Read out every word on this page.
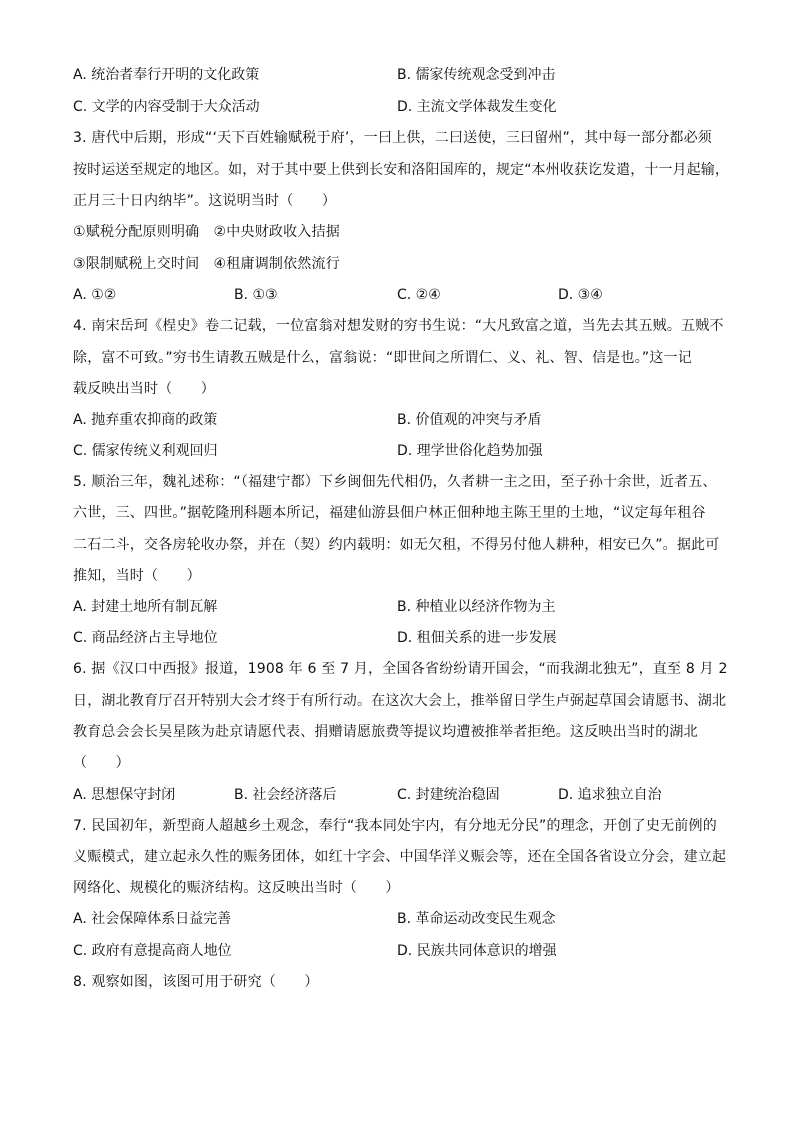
A. 统治者奉行开明的文化政策	B. 儒家传统观念受到冲击
C. 文学的内容受制于大众活动	D. 主流文学体裁发生变化
3. 唐代中后期，形成“‘天下百姓输赋税于府’，一曰上供，二曰送使，三曰留州”，其中每一部分都必须
按时运送至规定的地区。如，对于其中要上供到长安和洛阳国库的，规定“本州收获讫发遣，十一月起输，
正月三十日内纳毕”。这说明当时（　　）
①赋税分配原则明确　②中央财政收入拮据
③限制赋税上交时间　④租庸调制依然流行
A. ①②	B. ①③	C. ②④	D. ③④
4. 南宋岳珂《桯史》卷二记载，一位富翁对想发财的穷书生说：“大凡致富之道，当先去其五贼。五贼不
除，富不可致。”穷书生请教五贼是什么，富翁说：“即世间之所谓仁、义、礼、智、信是也。”这一记
载反映出当时（　　）
A. 抛弃重农抑商的政策	B. 价值观的冲突与矛盾
C. 儒家传统义利观回归	D. 理学世俗化趋势加强
5. 顺治三年，魏礼述称：“（福建宁都）下乡闽佃先代相仍，久者耕一主之田，至子孙十余世，近者五、
六世，三、四世。”据乾隆刑科题本所记，福建仙游县佃户林正佃种地主陈王里的土地，“议定每年租谷
二石二斗，交各房轮收办祭，并在（契）约内载明：如无欠租，不得另付他人耕种，相安已久”。据此可
推知，当时（　　）
A. 封建土地所有制瓦解	B. 种植业以经济作物为主
C. 商品经济占主导地位	D. 租佃关系的进一步发展
6. 据《汉口中西报》报道，1908 年 6 至 7 月，全国各省纷纷请开国会，“而我湖北独无”，直至 8 月 2
日，湖北教育厅召开特别大会才终于有所行动。在这次大会上，推举留日学生卢弼起草国会请愿书、湖北
教育总会会长吴星陔为赴京请愿代表、捐赠请愿旅费等提议均遭被推举者拒绝。这反映出当时的湖北
（　　）
A. 思想保守封闭	B. 社会经济落后	C. 封建统治稳固	D. 追求独立自治
7. 民国初年，新型商人超越乡土观念，奉行“我本同处宇内，有分地无分民”的理念，开创了史无前例的
义赈模式，建立起永久性的赈务团体，如红十字会、中国华洋义赈会等，还在全国各省设立分会，建立起
网络化、规模化的赈济结构。这反映出当时（　　）
A. 社会保障体系日益完善	B. 革命运动改变民生观念
C. 政府有意提高商人地位	D. 民族共同体意识的增强
8. 观察如图，该图可用于研究（　　）
